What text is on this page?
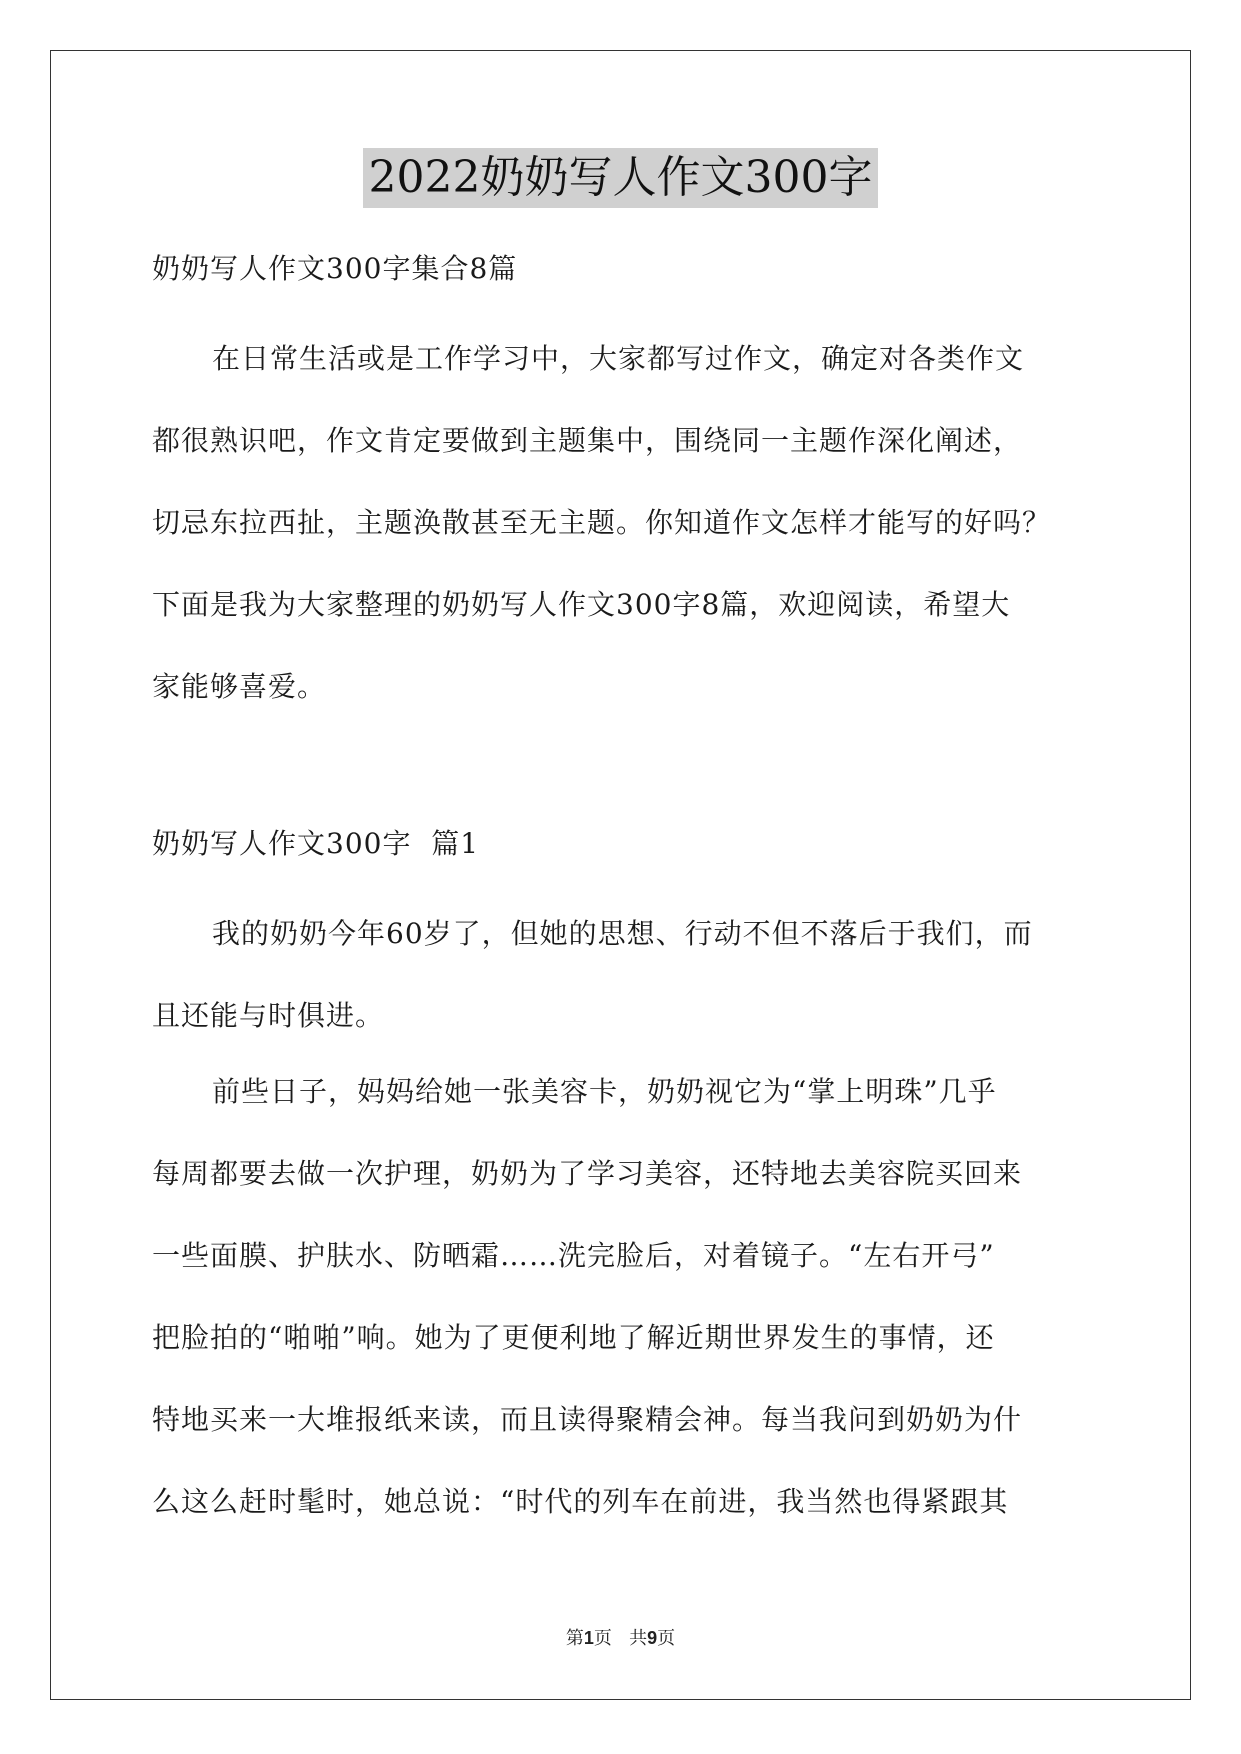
2022奶奶写人作文300字
奶奶写人作文300字集合8篇
在日常生活或是工作学习中，大家都写过作文，确定对各类作文
都很熟识吧，作文肯定要做到主题集中，围绕同一主题作深化阐述，
切忌东拉西扯，主题涣散甚至无主题。你知道作文怎样才能写的好吗？
下面是我为大家整理的奶奶写人作文300字8篇，欢迎阅读，希望大
家能够喜爱。
奶奶写人作文300字  篇1
我的奶奶今年60岁了，但她的思想、行动不但不落后于我们，而
且还能与时俱进。
前些日子，妈妈给她一张美容卡，奶奶视它为“掌上明珠”几乎
每周都要去做一次护理，奶奶为了学习美容，还特地去美容院买回来
一些面膜、护肤水、防晒霜……洗完脸后，对着镜子。“左右开弓”
把脸拍的“啪啪”响。她为了更便利地了解近期世界发生的事情，还
特地买来一大堆报纸来读，而且读得聚精会神。每当我问到奶奶为什
么这么赶时髦时，她总说：“时代的列车在前进，我当然也得紧跟其
第1页   共9页
